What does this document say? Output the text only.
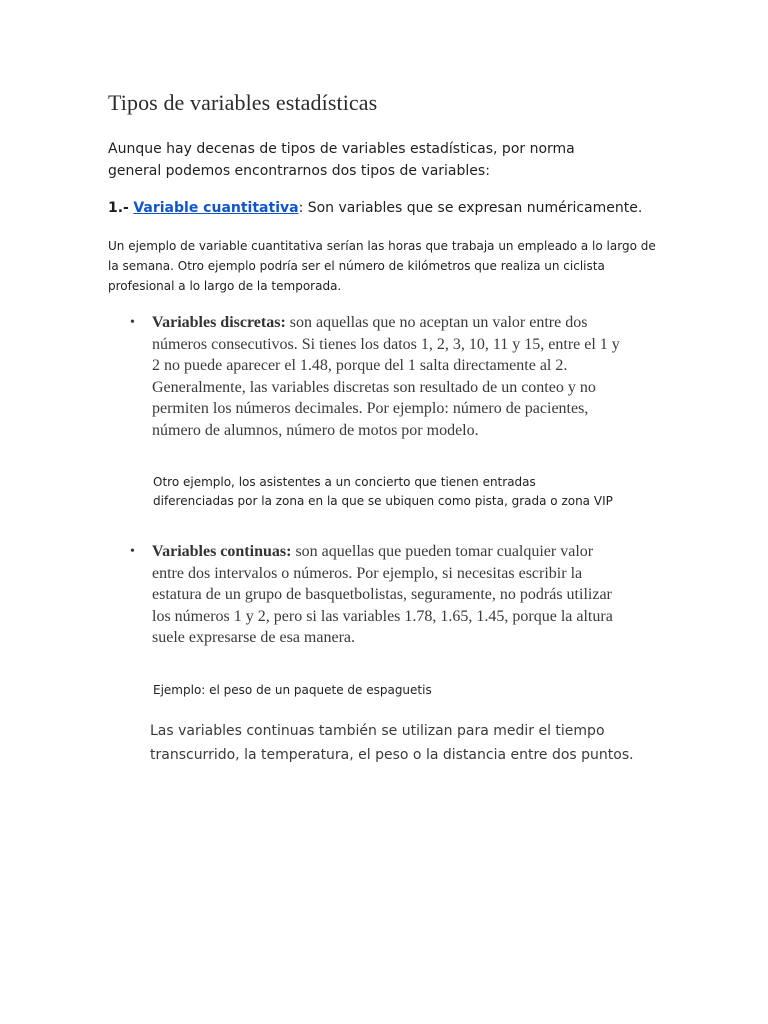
Tipos de variables estadísticas

Aunque hay decenas de tipos de variables estadísticas, por norma general podemos encontrarnos dos tipos de variables:

1.- Variable cuantitativa: Son variables que se expresan numéricamente.

Un ejemplo de variable cuantitativa serían las horas que trabaja un empleado a lo largo de la semana. Otro ejemplo podría ser el número de kilómetros que realiza un ciclista profesional a lo largo de la temporada.

• Variables discretas: son aquellas que no aceptan un valor entre dos números consecutivos. Si tienes los datos 1, 2, 3, 10, 11 y 15, entre el 1 y 2 no puede aparecer el 1.48, porque del 1 salta directamente al 2. Generalmente, las variables discretas son resultado de un conteo y no permiten los números decimales. Por ejemplo: número de pacientes, número de alumnos, número de motos por modelo.

Otro ejemplo, los asistentes a un concierto que tienen entradas diferenciadas por la zona en la que se ubiquen como pista, grada o zona VIP

• Variables continuas: son aquellas que pueden tomar cualquier valor entre dos intervalos o números. Por ejemplo, si necesitas escribir la estatura de un grupo de basquetbolistas, seguramente, no podrás utilizar los números 1 y 2, pero si las variables 1.78, 1.65, 1.45, porque la altura suele expresarse de esa manera.

Ejemplo: el peso de un paquete de espaguetis

Las variables continuas también se utilizan para medir el tiempo transcurrido, la temperatura, el peso o la distancia entre dos puntos.
